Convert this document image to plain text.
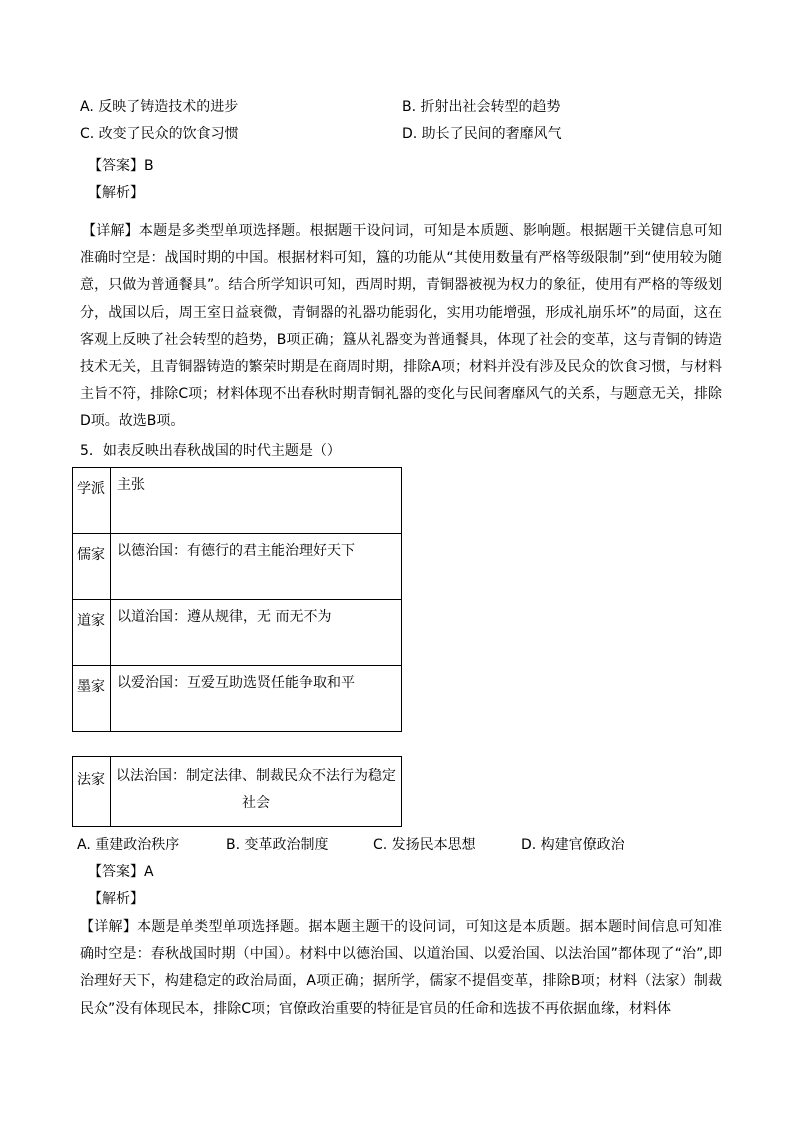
A. 反映了铸造技术的进步	B. 折射出社会转型的趋势
C. 改变了民众的饮食习惯	D. 助长了民间的奢靡风气
【答案】B
【解析】
【详解】本题是多类型单项选择题。根据题干设问词，可知是本质题、影响题。根据题干关键信息可知准确时空是：战国时期的中国。根据材料可知，簋的功能从“其使用数量有严格等级限制”到“使用较为随意，只做为普通餐具”。结合所学知识可知，西周时期，青铜器被视为权力的象征，使用有严格的等级划分，战国以后，周王室日益衰微，青铜器的礼器功能弱化，实用功能增强，形成礼崩乐坏”的局面，这在客观上反映了社会转型的趋势，B项正确；簋从礼器变为普通餐具，体现了社会的变革，这与青铜的铸造技术无关，且青铜器铸造的繁荣时期是在商周时期，排除A项；材料并没有涉及民众的饮食习惯，与材料主旨不符，排除C项；材料体现不出春秋时期青铜礼器的变化与民间奢靡风气的关系，与题意无关，排除D项。故选B项。
5．如表反映出春秋战国的时代主题是（）
学派	主张
儒家	以德治国：有德行的君主能治理好天下
道家	以道治国：遵从规律，无 而无不为
墨家	以爱治国：互爱互助选贤任能争取和平
法家	以法治国：制定法律、制裁民众不法行为稳定
社会
A. 重建政治秩序	B. 变革政治制度	C. 发扬民本思想	D. 构建官僚政治
【答案】A
【解析】
【详解】本题是单类型单项选择题。据本题主题干的设问词，可知这是本质题。据本题时间信息可知准确时空是：春秋战国时期（中国）。材料中以德治国、以道治国、以爱治国、以法治国”都体现了“治”,即治理好天下，构建稳定的政治局面，A项正确；据所学，儒家不提倡变革，排除B项；材料（法家）制裁民众”没有体现民本，排除C项；官僚政治重要的特征是官员的任命和选拔不再依据血缘，材料体
